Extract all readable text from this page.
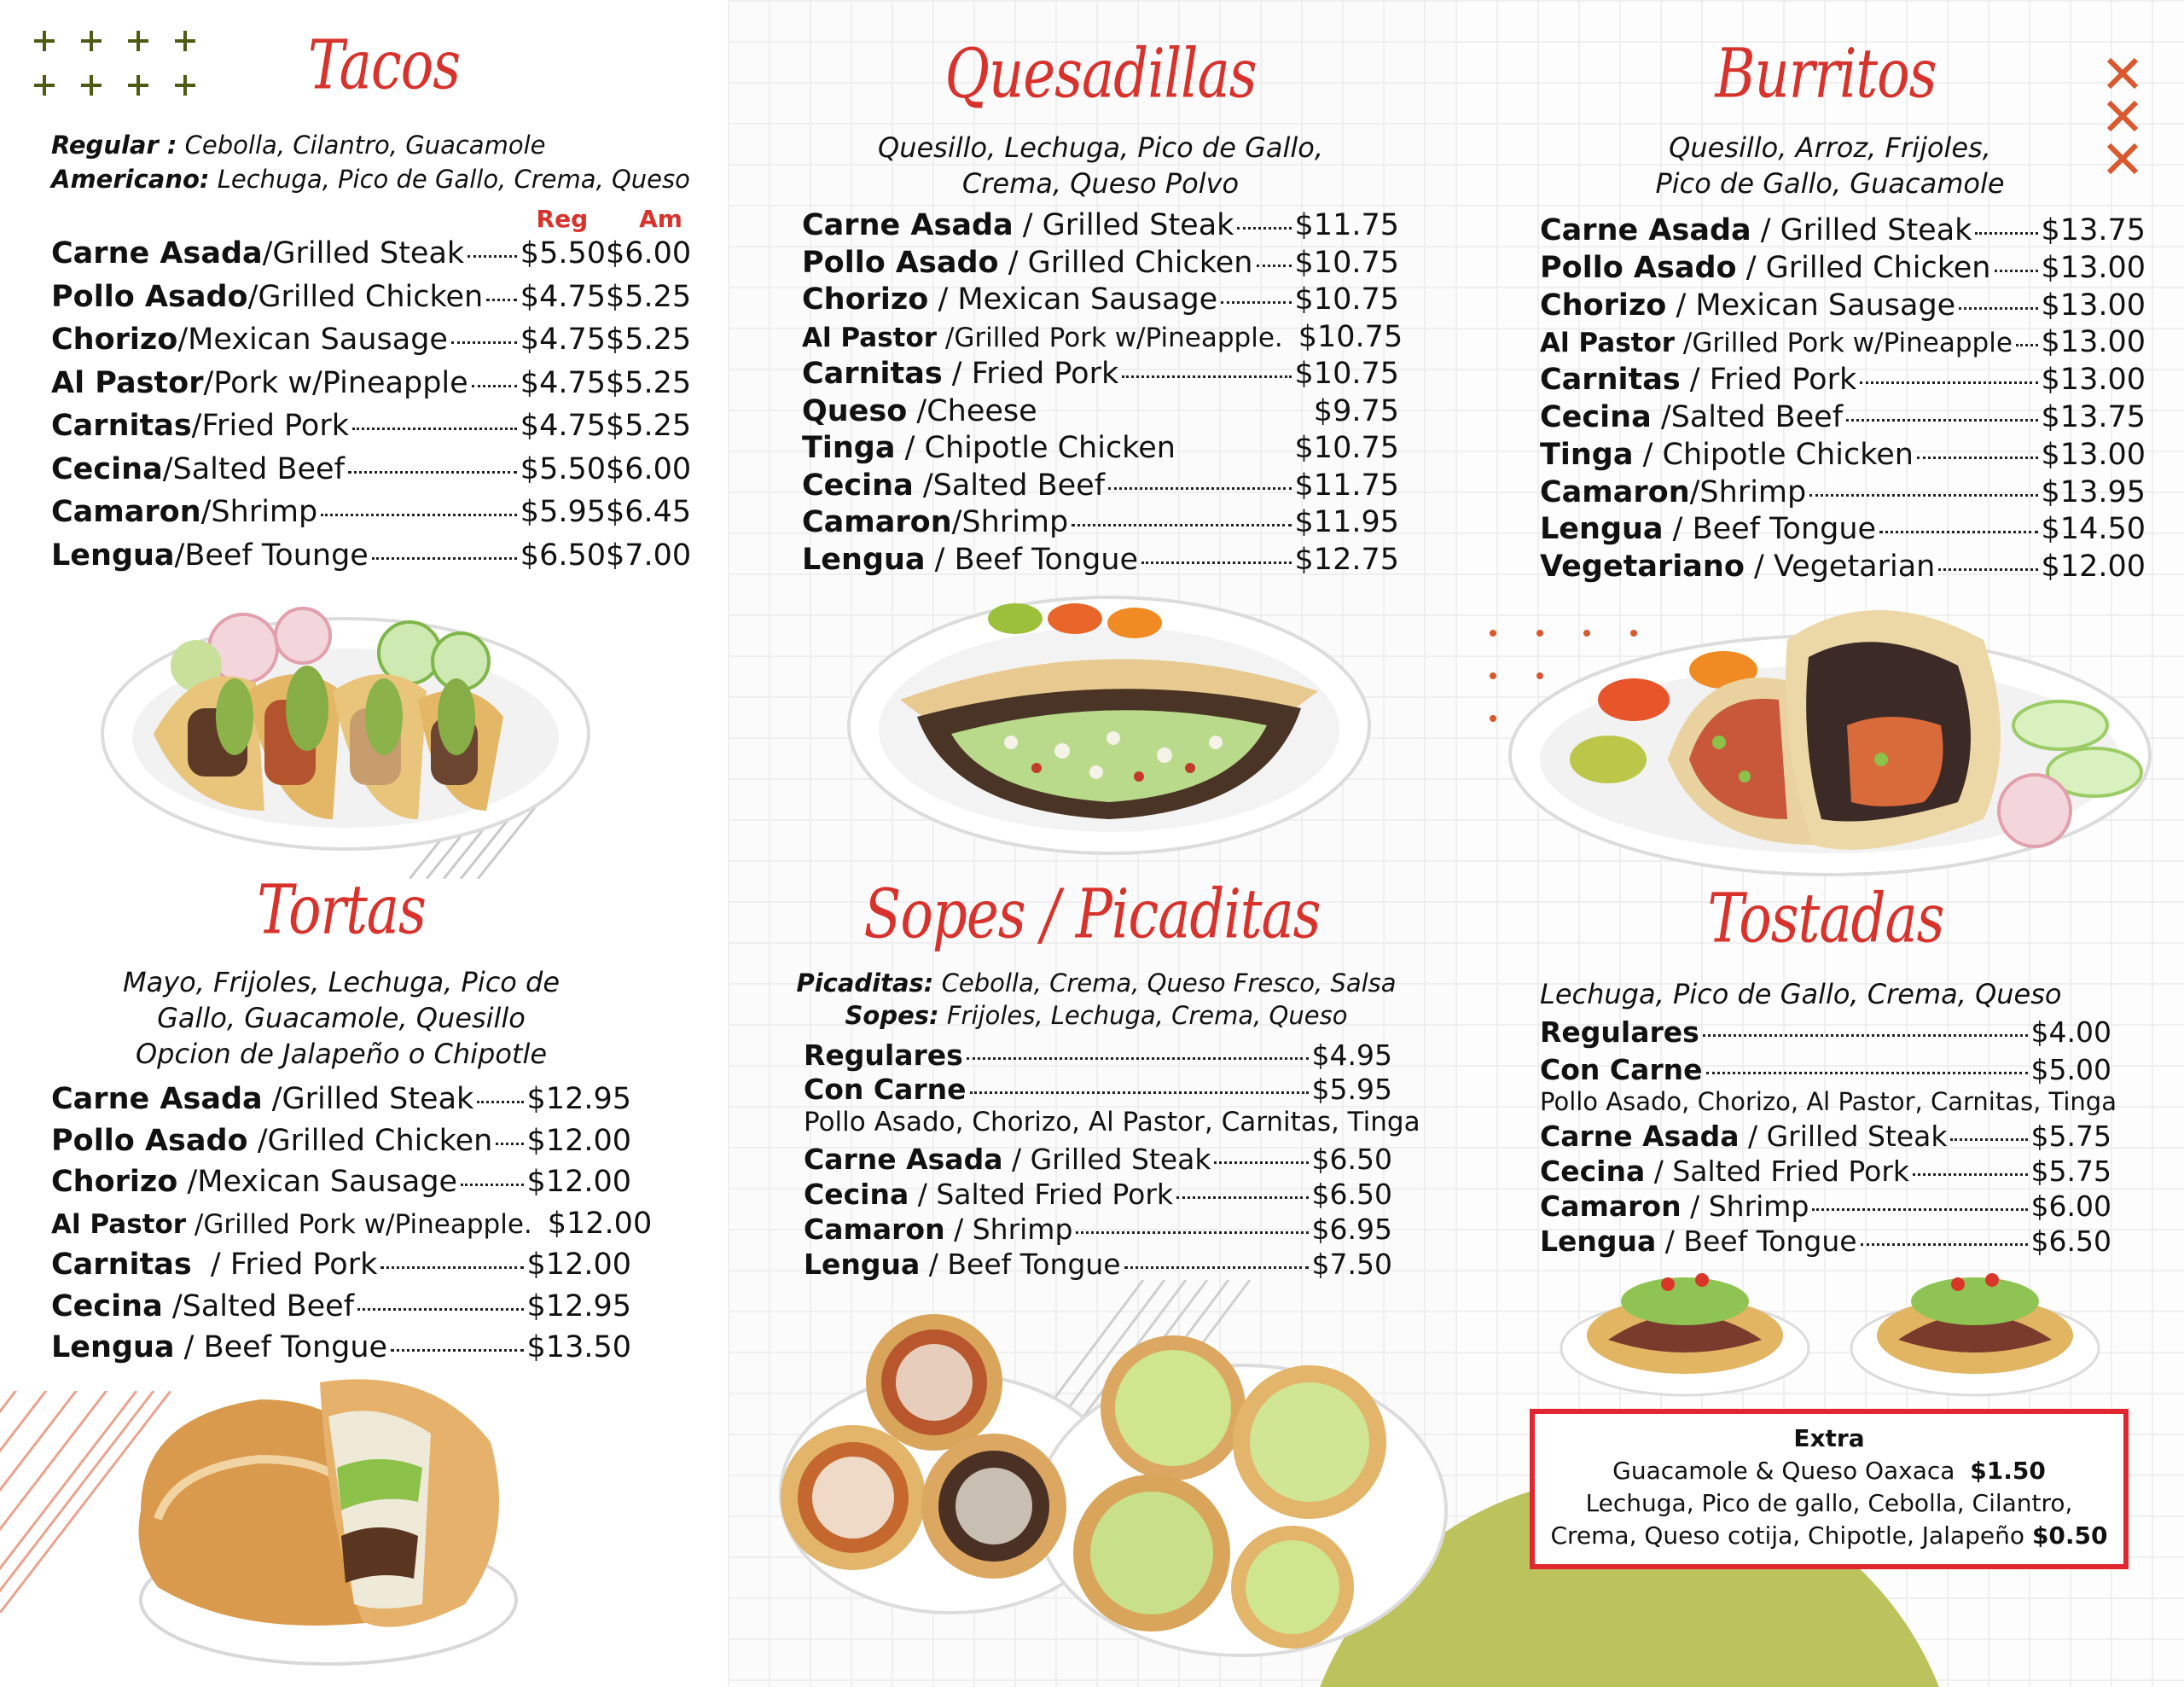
Tacos
Regular : Cebolla, Cilantro, Guacamole
Americano: Lechuga, Pico de Gallo, Crema, Queso
Reg Am
Carne Asada / Grilled Steak $5.50 $6.00
Pollo Asado / Grilled Chicken $4.75 $5.25
Chorizo / Mexican Sausage $4.75 $5.25
Al Pastor / Pork w/Pineapple $4.75 $5.25
Carnitas / Fried Pork	$4.75 $5.25
Cecina / Salted Beef	$5.50 $6.00
Camaron / Shrimp	$5.95 $6.45
Lengua / Beef Tounge	$6.50 $7.00
Quesadillas
Quesillo, Lechuga, Pico de Gallo,
Crema, Queso Polvo
Carne Asada / Grilled Steak $11.75
Pollo Asado / Grilled Chicken $10.75
Chorizo / Mexican Sausage	$10.75
Al Pastor / Grilled Pork w/Pineapple. $10.75
Carnitas / Fried Pork	$10.75
Queso / Cheese	$9.75
Tinga / Chipotle Chicken	$10.75
Cecina / Salted Beef	$11.75
Camaron / Shrimp	$11.95
Lengua / Beef Tongue	$12.75
Burritos
Quesillo, Arroz, Frijoles,
Pico de Gallo, Guacamole
Carne Asada / Grilled Steak $13.75
Pollo Asado / Grilled Chicken $13.00
Chorizo / Mexican Sausage	$13.00
Al Pastor / Grilled Pork w/Pineapple $13.00
Carnitas / Fried Pork	$13.00
Cecina / Salted Beef	$13.75
Tinga / Chipotle Chicken	$13.00
Camaron / Shrimp	$13.95
Lengua / Beef Tongue	$14.50
Vegetariano / Vegetarian	$12.00
Tortas
Mayo, Frijoles, Lechuga, Pico de
Gallo, Guacamole, Quesillo
Opcion de Jalapeño o Chipotle
Carne Asada / Grilled Steak $12.95
Pollo Asado / Grilled Chicken $12.00
Chorizo / Mexican Sausage $12.00
Al Pastor / Grilled Pork w/Pineapple. $12.00
Carnitas / Fried Pork	$12.00
Cecina / Salted Beef	$12.95
Lengua / Beef Tongue	$13.50
Sopes / Picaditas
Picaditas: Cebolla, Crema, Queso Fresco, Salsa
Sopes: Frijoles, Lechuga, Crema, Queso
Regulares	$4.95
Con Carne	$5.95
Pollo Asado, Chorizo, Al Pastor, Carnitas, Tinga
Carne Asada / Grilled Steak	$6.50
Cecina / Salted Fried Pork	$6.50
Camaron / Shrimp	$6.95
Lengua / Beef Tongue	$7.50
Tostadas
Lechuga, Pico de Gallo, Crema, Queso
Regulares	$4.00
Con Carne	$5.00
Pollo Asado, Chorizo, Al Pastor, Carnitas, Tinga
Carne Asada / Grilled Steak	$5.75
Cecina / Salted Fried Pork	$5.75
Camaron / Shrimp	$6.00
Lengua / Beef Tongue	$6.50
Extra
Guacamole & Queso Oaxaca $1.50
Lechuga, Pico de gallo, Cebolla, Cilantro,
Crema, Queso cotija, Chipotle, Jalapeño $0.50
